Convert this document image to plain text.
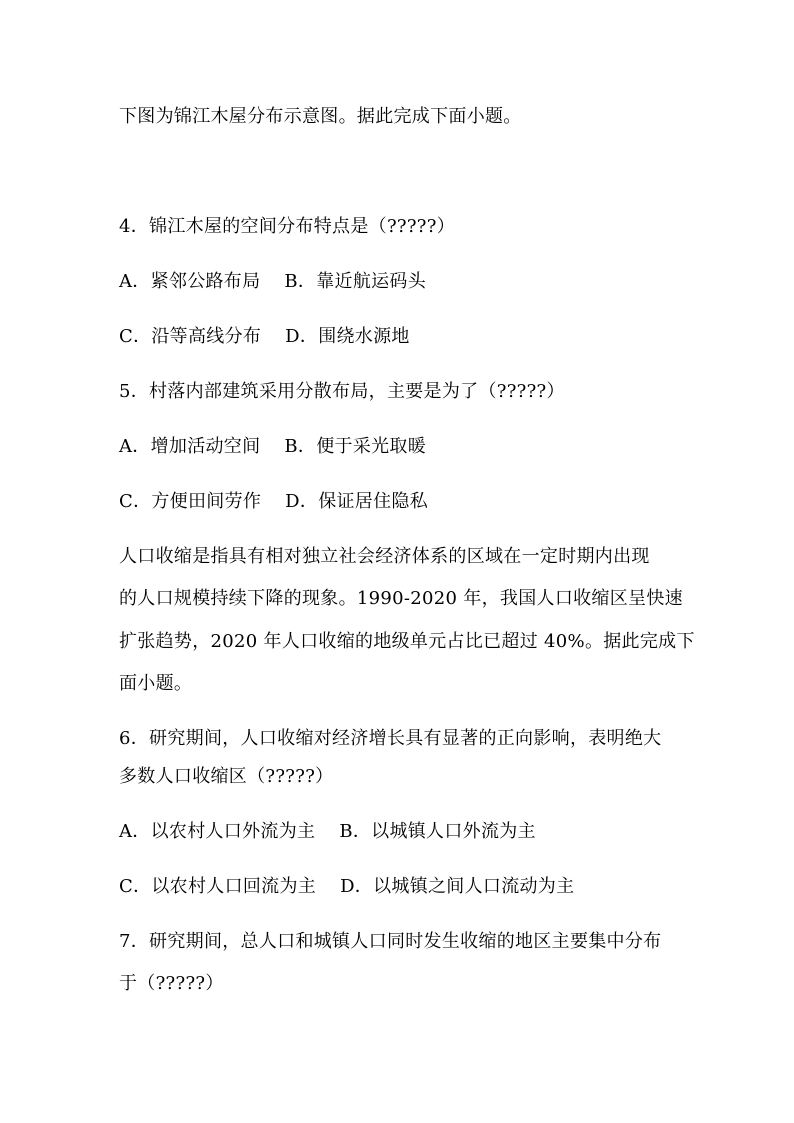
下图为锦江木屋分布示意图。据此完成下面小题。
4．锦江木屋的空间分布特点是（?????）
A．紧邻公路布局 B．靠近航运码头
C．沿等高线分布 D．围绕水源地
5．村落内部建筑采用分散布局，主要是为了（?????）
A．增加活动空间 B．便于采光取暖
C．方便田间劳作 D．保证居住隐私
人口收缩是指具有相对独立社会经济体系的区域在一定时期内出现
的人口规模持续下降的现象。1990-2020 年，我国人口收缩区呈快速
扩张趋势，2020 年人口收缩的地级单元占比已超过 40%。据此完成下
面小题。
6．研究期间，人口收缩对经济增长具有显著的正向影响，表明绝大
多数人口收缩区（?????）
A．以农村人口外流为主 B．以城镇人口外流为主
C．以农村人口回流为主 D．以城镇之间人口流动为主
7．研究期间，总人口和城镇人口同时发生收缩的地区主要集中分布
于（?????）
